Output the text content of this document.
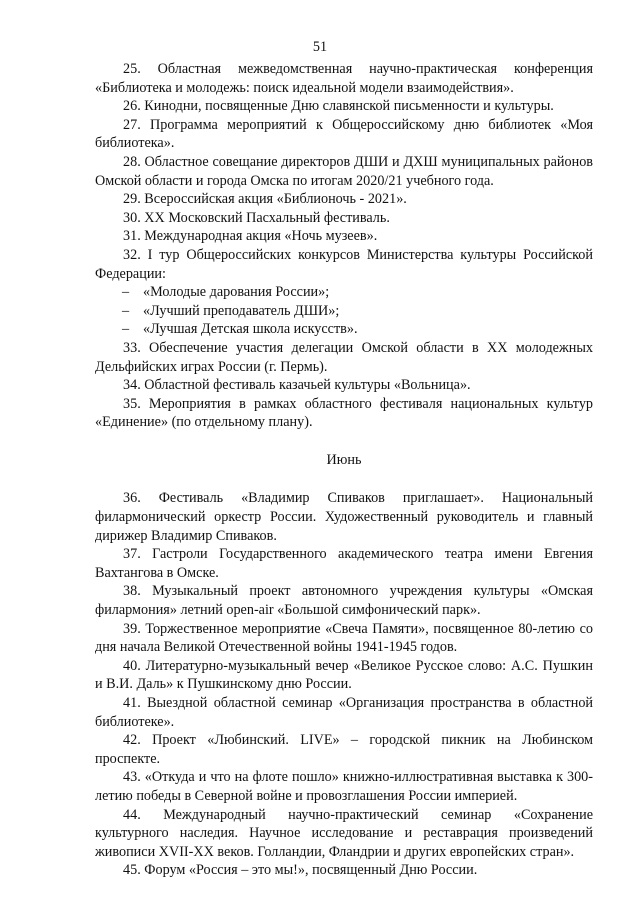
51

25. Областная межведомственная научно-практическая конференция «Библиотека и молодежь: поиск идеальной модели взаимодействия».

26. Кинодни, посвященные Дню славянской письменности и культуры.

27. Программа мероприятий к Общероссийскому дню библиотек «Моя библиотека».

28. Областное совещание директоров ДШИ и ДХШ муниципальных районов Омской области и города Омска по итогам 2020/21 учебного года.

29. Всероссийская акция «Библионочь - 2021».

30. XX Московский Пасхальный фестиваль.

31. Международная акция «Ночь музеев».

32. I тур Общероссийских конкурсов Министерства культуры Российской Федерации:

– «Молодые дарования России»;

– «Лучший преподаватель ДШИ»;

– «Лучшая Детская школа искусств».

33. Обеспечение участия делегации Омской области в XX молодежных Дельфийских играх России (г. Пермь).

34. Областной фестиваль казачьей культуры «Вольница».

35. Мероприятия в рамках областного фестиваля национальных культур «Единение» (по отдельному плану).

Июнь

36. Фестиваль «Владимир Спиваков приглашает». Национальный филармонический оркестр России. Художественный руководитель и главный дирижер Владимир Спиваков.

37. Гастроли Государственного академического театра имени Евгения Вахтангова в Омске.

38. Музыкальный проект автономного учреждения культуры «Омская филармония» летний open-air «Большой симфонический парк».

39. Торжественное мероприятие «Свеча Памяти», посвященное 80-летию со дня начала Великой Отечественной войны 1941-1945 годов.

40. Литературно-музыкальный вечер «Великое Русское слово: А.С. Пушкин и В.И. Даль» к Пушкинскому дню России.

41. Выездной областной семинар «Организация пространства в областной библиотеке».

42. Проект «Любинский. LIVE» – городской пикник на Любинском проспекте.

43. «Откуда и что на флоте пошло» книжно-иллюстративная выставка к 300-летию победы в Северной войне и провозглашения России империей.

44. Международный научно-практический семинар «Сохранение культурного наследия. Научное исследование и реставрация произведений живописи XVII-XX веков. Голландии, Фландрии и других европейских стран».

45. Форум «Россия – это мы!», посвященный Дню России.
